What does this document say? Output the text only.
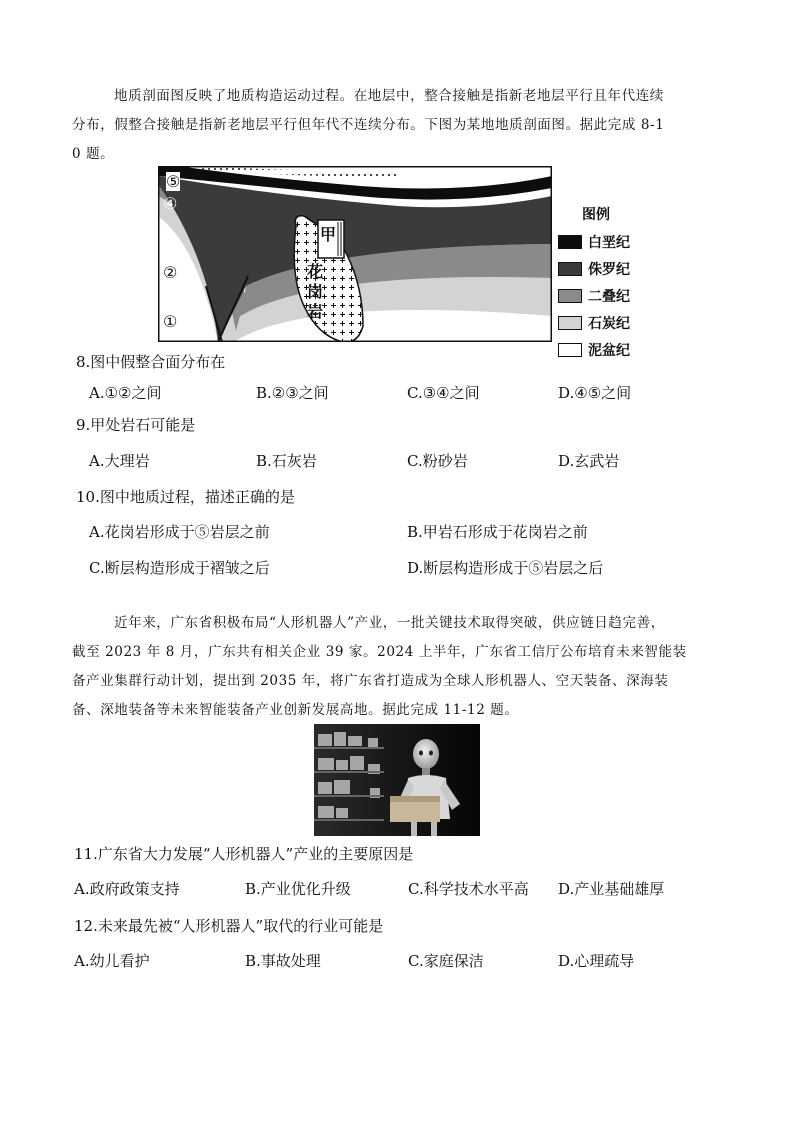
地质剖面图反映了地质构造运动过程。在地层中，整合接触是指新老地层平行且年代连续
分布，假整合接触是指新老地层平行但年代不连续分布。下图为某地地质剖面图。据此完成 8-1
0 题。
⑤
④
③
②
①
甲
花
岗
岩
图例
白垩纪
侏罗纪
二叠纪
石炭纪
泥盆纪
8.图中假整合面分布在
A.①②之间	B.②③之间	C.③④之间	D.④⑤之间
9.甲处岩石可能是
A.大理岩	B.石灰岩	C.粉砂岩	D.玄武岩
10.图中地质过程，描述正确的是
A.花岗岩形成于⑤岩层之前	B.甲岩石形成于花岗岩之前
C.断层构造形成于褶皱之后	D.断层构造形成于⑤岩层之后
近年来，广东省积极布局“人形机器人”产业，一批关键技术取得突破，供应链日趋完善，
截至 2023 年 8 月，广东共有相关企业 39 家。2024 上半年，广东省工信厅公布培育未来智能装
备产业集群行动计划，提出到 2035 年，将广东省打造成为全球人形机器人、空天装备、深海装
备、深地装备等未来智能装备产业创新发展高地。据此完成 11-12 题。
11.广东省大力发展“人形机器人”产业的主要原因是
A.政府政策支持	B.产业优化升级	C.科学技术水平高 D.产业基础雄厚
12.未来最先被“人形机器人”取代的行业可能是
A.幼儿看护	B.事故处理	C.家庭保洁	D.心理疏导
